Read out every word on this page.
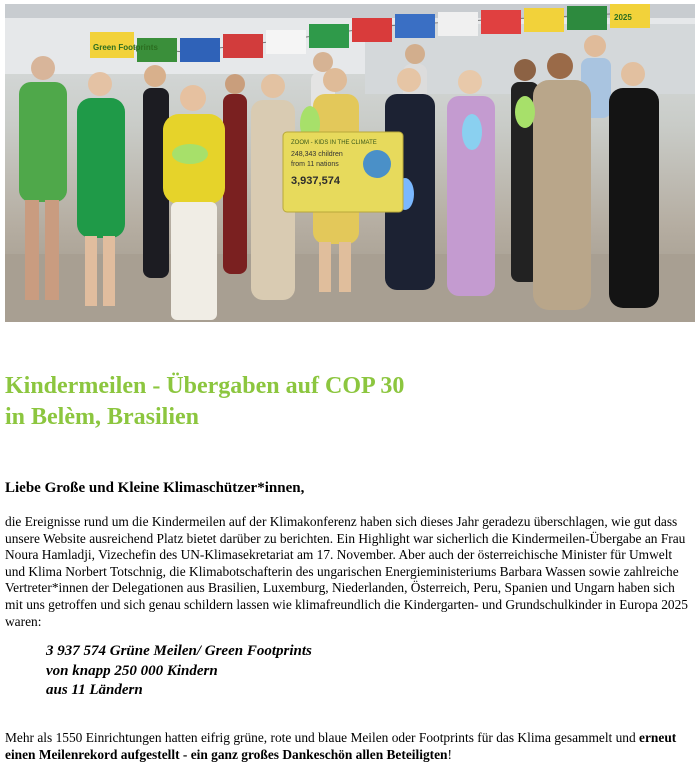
Green Footprints
2025
ZOOM - KIDS IN THE CLIMATE
248,343 children
from 11 nations
3,937,574
Kindermeilen - Übergaben auf COP 30
in Belèm, Brasilien

Liebe Große und Kleine Klimaschützer*innen,

die Ereignisse rund um die Kindermeilen auf der Klimakonferenz haben sich dieses Jahr geradezu überschlagen, wie gut dass unsere Website ausreichend Platz bietet darüber zu berichten. Ein Highlight war sicherlich die Kindermeilen-Übergabe an Frau Noura Hamladji, Vizechefin des UN-Klimasekretariat am 17. November. Aber auch der österreichische Minister für Umwelt und Klima Norbert Totschnig, die Klimabotschafterin des ungarischen Energieministeriums Barbara Wassen sowie zahlreiche Vertreter*innen der Delegationen aus Brasilien, Luxemburg, Niederlanden, Österreich, Peru, Spanien und Ungarn haben sich mit uns getroffen und sich genau schildern lassen wie klimafreundlich die Kindergarten- und Grundschulkinder in Europa 2025 waren:

3 937 574 Grüne Meilen/ Green Footprints
von knapp 250 000 Kindern
aus 11 Ländern

Mehr als 1550 Einrichtungen hatten eifrig grüne, rote und blaue Meilen oder Footprints für das Klima gesammelt und erneut einen Meilenrekord aufgestellt - ein ganz großes Dankeschön allen Beteiligten!
